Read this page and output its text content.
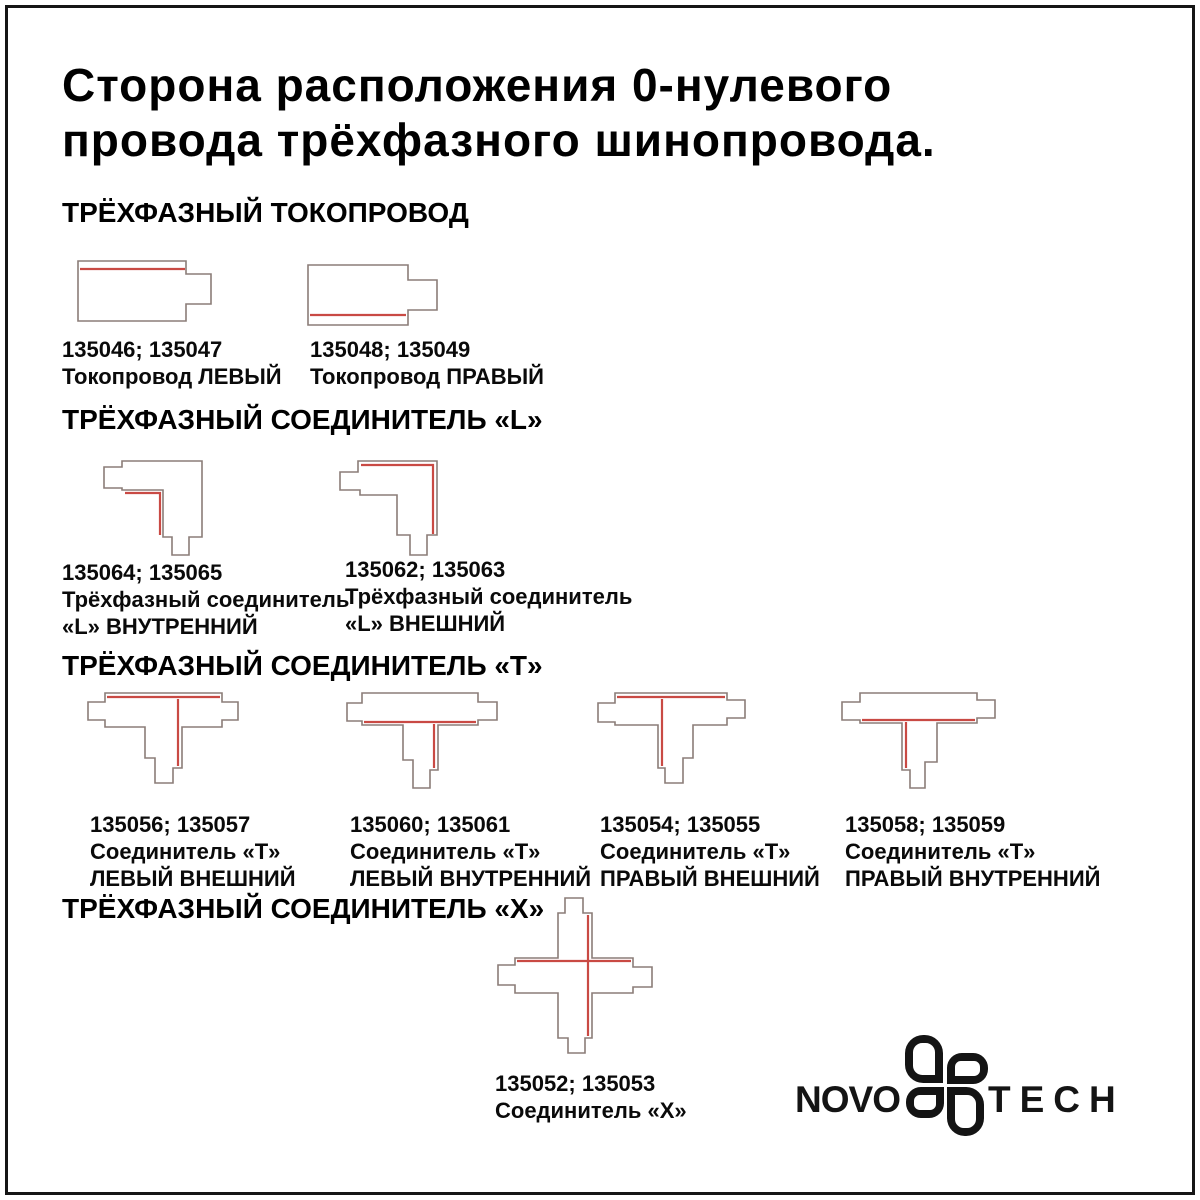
Сторона расположения 0-нулевого
провода трёхфазного шинопровода.
ТРЁХФАЗНЫЙ ТОКОПРОВОД
ТРЁХФАЗНЫЙ СОЕДИНИТЕЛЬ «L»
ТРЁХФАЗНЫЙ СОЕДИНИТЕЛЬ «Т»
ТРЁХФАЗНЫЙ СОЕДИНИТЕЛЬ «Х»
135046; 135047
Токопровод ЛЕВЫЙ
135048; 135049
Токопровод ПРАВЫЙ
135064; 135065
Трёхфазный соединитель
«L» ВНУТРЕННИЙ
135062; 135063
Трёхфазный соединитель
«L» ВНЕШНИЙ
135056; 135057
Соединитель «Т»
ЛЕВЫЙ ВНЕШНИЙ
135060; 135061
Соединитель «Т»
ЛЕВЫЙ ВНУТРЕННИЙ
135054; 135055
Соединитель «Т»
ПРАВЫЙ ВНЕШНИЙ
135058; 135059
Соединитель «Т»
ПРАВЫЙ ВНУТРЕННИЙ
135052; 135053
Соединитель «Х»	NOVO TECH
